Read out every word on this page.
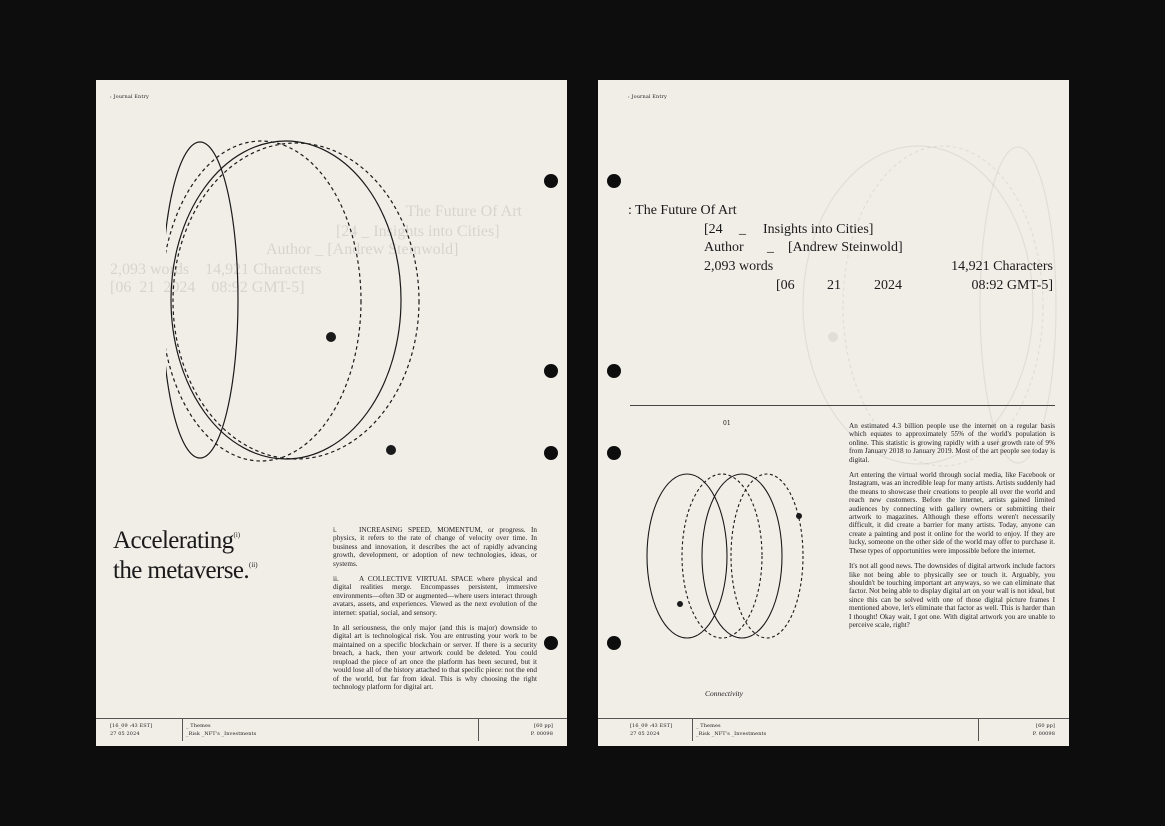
: Journal Entry
The Future Of Art
[24 _ Insights into Cities]
Author _ [Andrew Steinwold]
2,093 words    14,921 Characters
[06  21  2024    08:92 GMT-5]
Accelerating$^{(i)}$
the metaverse.$^{(ii)}$

i.	INCREASING SPEED, MOMENTUM, or progress. In physics, it refers to the rate of change of velocity over time. In business and innovation, it describes the act of rapidly advancing growth, development, or adoption of new technologies, ideas, or systems.

ii.	A COLLECTIVE VIRTUAL SPACE where physical and digital realities merge. Encompasses persistent, immersive environments—often 3D or augmented—where users interact through avatars, assets, and experiences. Viewed as the next evolution of the internet: spatial, social, and sensory.

In all seriousness, the only major (and this is major) downside to digital art is technological risk. You are entrusting your work to be maintained on a specific blockchain or server. If there is a security breach, a hack, then your artwork could be deleted. You could reupload the piece of art once the platform has been secured, but it would lose all of the history attached to that specific piece: not the end of the world, but far from ideal. This is why choosing the right technology platform for digital art.

[16_09 :43 EST]
27 05 2024
_ Themes
_Risk _NFT's _Investments
[60 pp]
P. 00098
: Journal Entry
: The Future Of Art
[24 _ Insights into Cities]
Author _ [Andrew Steinwold]
2,093 words	14,921 Characters
[06 21 2024	08:92 GMT-5]
01
Connectivity

An estimated 4.3 billion people use the internet on a regular basis which equates to approximately 55% of the world's population is online. This statistic is growing rapidly with a user growth rate of 9% from January 2018 to January 2019. Most of the art people see today is digital.

Art entering the virtual world through social media, like Facebook or Instagram, was an incredible leap for many artists. Artists suddenly had the means to showcase their creations to people all over the world and reach new customers. Before the internet, artists gained limited audiences by connecting with gallery owners or submitting their artwork to magazines. Although these efforts weren't necessarily difficult, it did create a barrier for many artists. Today, anyone can create a painting and post it online for the world to enjoy. If they are lucky, someone on the other side of the world may offer to purchase it. These types of opportunities were impossible before the internet.

It's not all good news. The downsides of digital artwork include factors like not being able to physically see or touch it. Arguably, you shouldn't be touching important art anyways, so we can eliminate that factor. Not being able to display digital art on your wall is not ideal, but since this can be solved with one of those digital picture frames I mentioned above, let's eliminate that factor as well. This is harder than I thought! Okay wait, I got one. With digital artwork you are unable to perceive scale, right?

[16_09 :43 EST]
27 05 2024
_ Themes
_Risk _NFT's _Investments
[60 pp]
P. 00098
